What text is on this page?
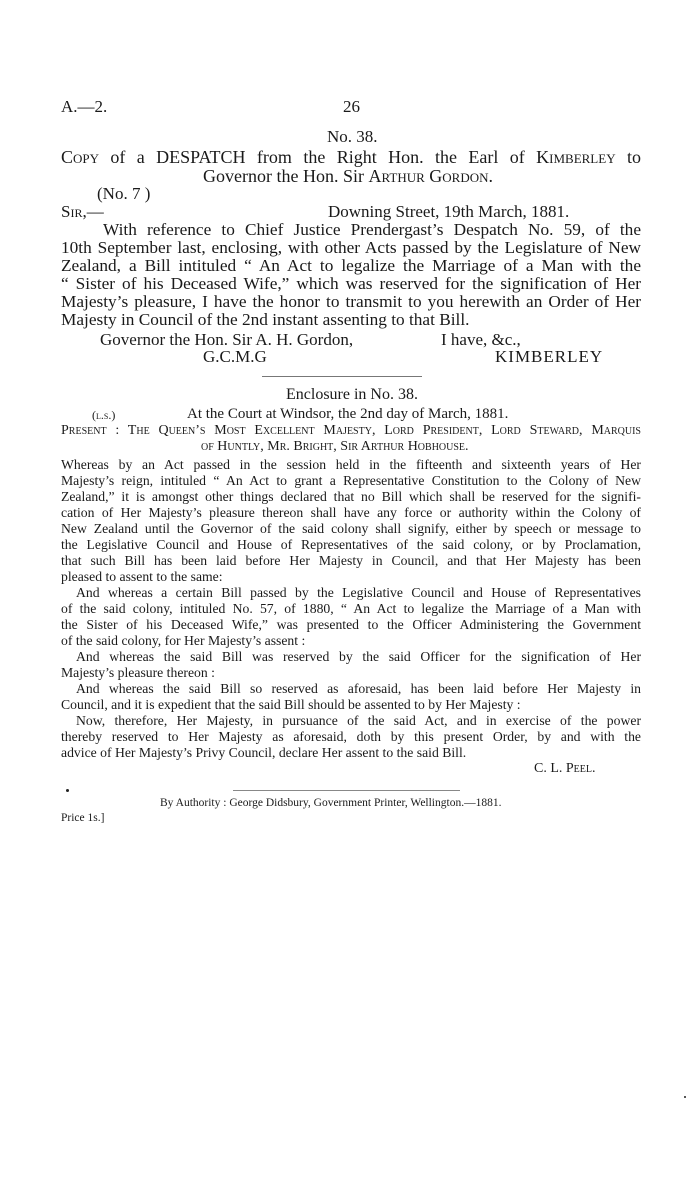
A.—2.	26
No. 38.
Copy of a DESPATCH from the Right Hon. the Earl of Kimberley to
Governor the Hon. Sir Arthur Gordon.
(No. 7 )
Sir,—	Downing Street, 19th March, 1881.
With reference to Chief Justice Prendergast’s Despatch No. 59, of the
10th September last, enclosing, with other Acts passed by the Legislature of New
Zealand, a Bill intituled “ An Act to legalize the Marriage of a Man with the
“ Sister of his Deceased Wife,” which was reserved for the signification of Her
Majesty’s pleasure, I have the honor to transmit to you herewith an Order of Her
Majesty in Council of the 2nd instant assenting to that Bill.
Governor the Hon. Sir A. H. Gordon,	I have, &c.,
G.C.M.G	KIMBERLEY
Enclosure in No. 38.
(l.s.)	At the Court at Windsor, the 2nd day of March, 1881.
Present : The Queen’s Most Excellent Majesty, Lord President, Lord Steward, Marquis
of Huntly, Mr. Bright, Sir Arthur Hobhouse.
Whereas by an Act passed in the session held in the fifteenth and sixteenth years of Her
Majesty’s reign, intituled “ An Act to grant a Representative Constitution to the Colony of New
Zealand,” it is amongst other things declared that no Bill which shall be reserved for the signifi-
cation of Her Majesty’s pleasure thereon shall have any force or authority within the Colony of
New Zealand until the Governor of the said colony shall signify, either by speech or message to
the Legislative Council and House of Representatives of the said colony, or by Proclamation,
that such Bill has been laid before Her Majesty in Council, and that Her Majesty has been
pleased to assent to the same:
And whereas a certain Bill passed by the Legislative Council and House of Representatives
of the said colony, intituled No. 57, of 1880, “ An Act to legalize the Marriage of a Man with
the Sister of his Deceased Wife,” was presented to the Officer Administering the Government
of the said colony, for Her Majesty’s assent :
And whereas the said Bill was reserved by the said Officer for the signification of Her
Majesty’s pleasure thereon :
And whereas the said Bill so reserved as aforesaid, has been laid before Her Majesty in
Council, and it is expedient that the said Bill should be assented to by Her Majesty :
Now, therefore, Her Majesty, in pursuance of the said Act, and in exercise of the power
thereby reserved to Her Majesty as aforesaid, doth by this present Order, by and with the
advice of Her Majesty’s Privy Council, declare Her assent to the said Bill.
C. L. Peel.
By Authority : George Didsbury, Government Printer, Wellington.—1881.
Price 1s.]
